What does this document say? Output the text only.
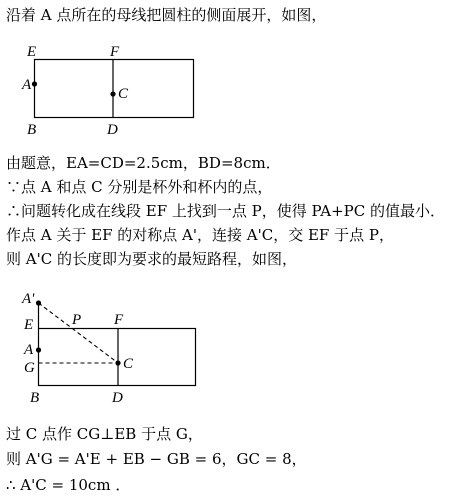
沿着 A 点所在的母线把圆柱的侧面展开，如图，
E	F
A
C
B	D
由题意，EA=CD=2.5cm，BD=8cm．
∵点 A 和点 C 分别是杯外和杯内的点，
∴问题转化成在线段 EF 上找到一点 P，使得 PA+PC 的值最小．
作点 A 关于 EF 的对称点 A'，连接 A'C，交 EF 于点 P，
则 A'C 的长度即为要求的最短路程，如图，
A'
E	P F
A
G	C
B	D
过 C 点作 CG⊥EB 于点 G，
则 A'G = A'E + EB − GB = 6，GC = 8，
∴ A'C = 10cm ．
